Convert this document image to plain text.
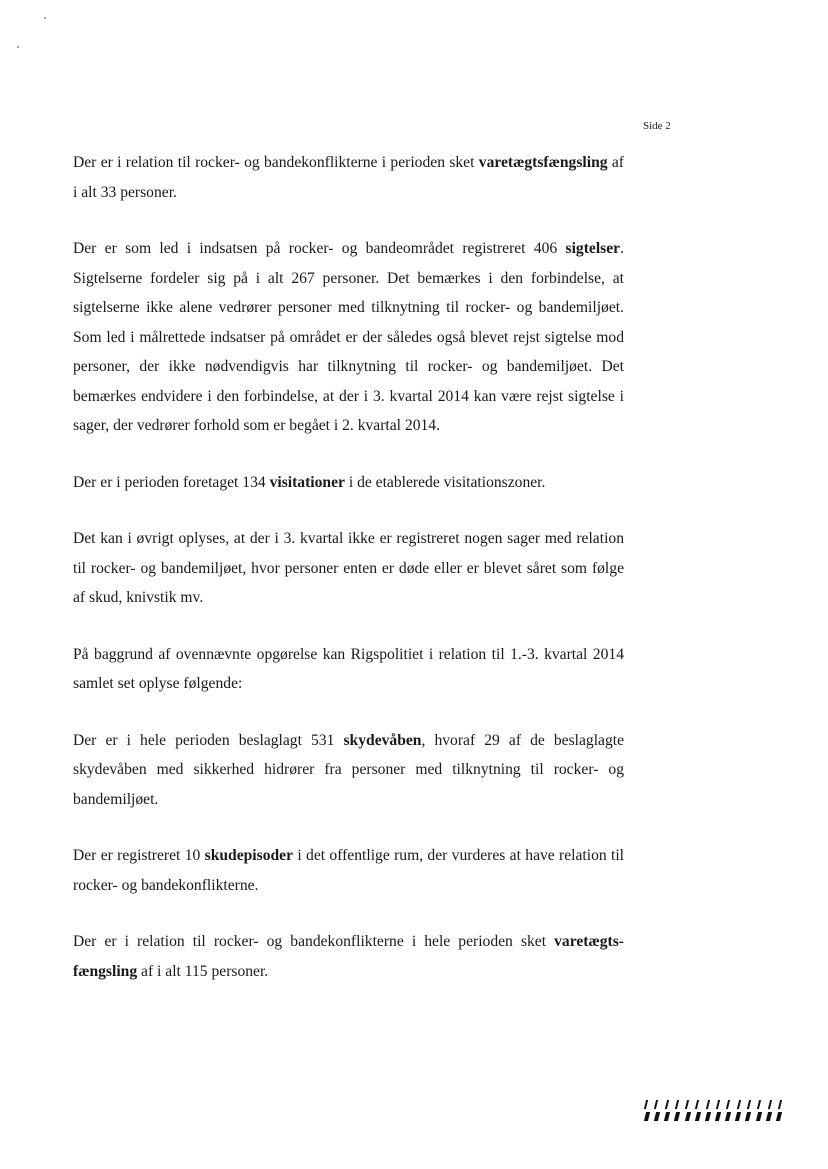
Side 2

Der er i relation til rocker- og bandekonflikterne i perioden sket varetægtsfængsling af i alt 33 personer.

Der er som led i indsatsen på rocker- og bandeområdet registreret 406 sigtelser. Sigtelserne fordeler sig på i alt 267 personer. Det bemærkes i den forbindelse, at sigtelserne ikke alene vedrører personer med tilknytning til rocker- og bandemiljøet. Som led i målrettede indsatser på området er der således også blevet rejst sigtelse mod personer, der ikke nødvendigvis har tilknytning til rocker- og bandemiljøet. Det bemærkes endvidere i den forbindelse, at der i 3. kvartal 2014 kan være rejst sigtelse i sager, der vedrører forhold som er begået i 2. kvartal 2014.

Der er i perioden foretaget 134 visitationer i de etablerede visitationszoner.

Det kan i øvrigt oplyses, at der i 3. kvartal ikke er registreret nogen sager med relation til rocker- og bandemiljøet, hvor personer enten er døde eller er blevet såret som følge af skud, knivstik mv.

På baggrund af ovennævnte opgørelse kan Rigspolitiet i relation til 1.-3. kvartal 2014 samlet set oplyse følgende:

Der er i hele perioden beslaglagt 531 skydevåben, hvoraf 29 af de beslaglagte skydevåben med sikkerhed hidrører fra personer med tilknytning til rocker- og bandemiljøet.

Der er registreret 10 skudepisoder i det offentlige rum, der vurderes at have relation til rocker- og bandekonflikterne.

Der er i relation til rocker- og bandekonflikterne i hele perioden sket varetægtsfængsling af i alt 115 personer.
